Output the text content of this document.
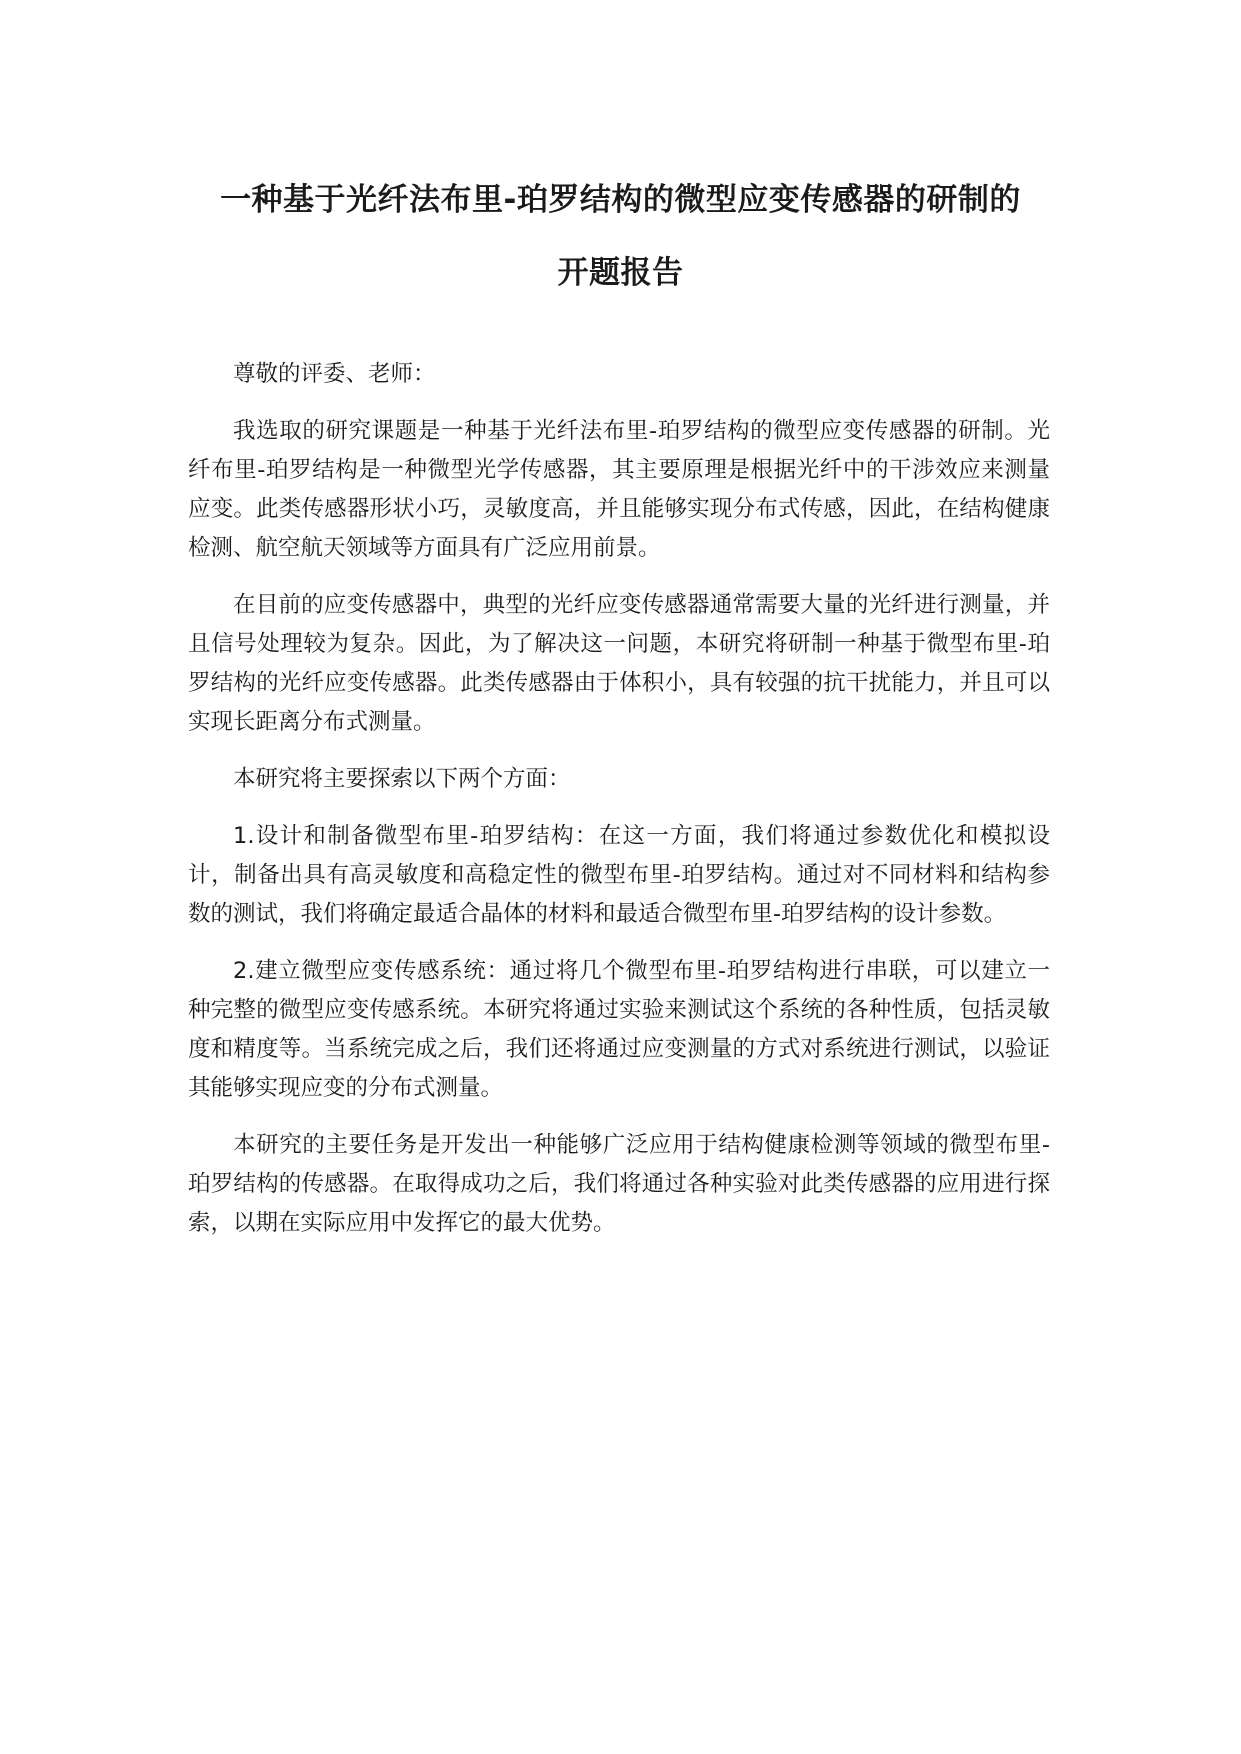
一种基于光纤法布里-珀罗结构的微型应变传感器的研制的
开题报告

尊敬的评委、老师：

我选取的研究课题是一种基于光纤法布里-珀罗结构的微型应变传感器的研制。光纤布里-珀罗结构是一种微型光学传感器，其主要原理是根据光纤中的干涉效应来测量应变。此类传感器形状小巧，灵敏度高，并且能够实现分布式传感，因此，在结构健康检测、航空航天领域等方面具有广泛应用前景。

在目前的应变传感器中，典型的光纤应变传感器通常需要大量的光纤进行测量，并且信号处理较为复杂。因此，为了解决这一问题，本研究将研制一种基于微型布里-珀罗结构的光纤应变传感器。此类传感器由于体积小，具有较强的抗干扰能力，并且可以实现长距离分布式测量。

本研究将主要探索以下两个方面：

1.设计和制备微型布里-珀罗结构：在这一方面，我们将通过参数优化和模拟设计，制备出具有高灵敏度和高稳定性的微型布里-珀罗结构。通过对不同材料和结构参数的测试，我们将确定最适合晶体的材料和最适合微型布里-珀罗结构的设计参数。

2.建立微型应变传感系统：通过将几个微型布里-珀罗结构进行串联，可以建立一种完整的微型应变传感系统。本研究将通过实验来测试这个系统的各种性质，包括灵敏度和精度等。当系统完成之后，我们还将通过应变测量的方式对系统进行测试，以验证其能够实现应变的分布式测量。

本研究的主要任务是开发出一种能够广泛应用于结构健康检测等领域的微型布里-珀罗结构的传感器。在取得成功之后，我们将通过各种实验对此类传感器的应用进行探索，以期在实际应用中发挥它的最大优势。
